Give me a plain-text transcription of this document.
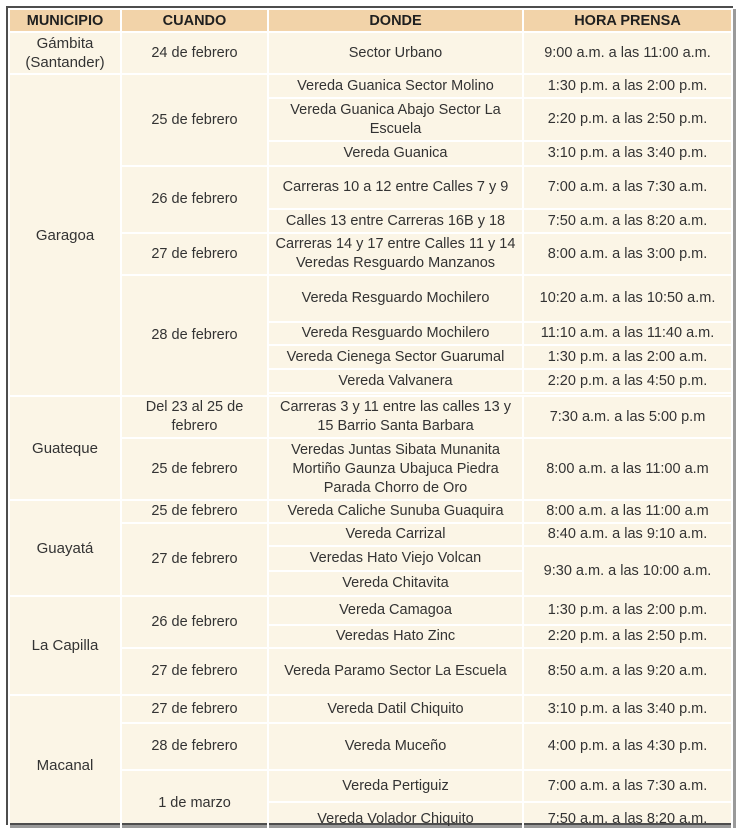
MUNICIPIO	CUANDO	DONDE	HORA PRENSA
Gámbita (Santander)	24 de febrero	Sector Urbano	9:00 a.m. a las 11:00 a.m.
Garagoa	25 de febrero	Vereda Guanica Sector Molino	1:30 p.m. a las 2:00 p.m.
		Vereda Guanica Abajo Sector La Escuela	2:20 p.m. a las 2:50 p.m.
		Vereda Guanica	3:10 p.m. a las 3:40 p.m.
	26 de febrero	Carreras 10 a 12 entre Calles 7 y 9	7:00 a.m. a las 7:30 a.m.
		Calles 13 entre Carreras 16B y 18	7:50 a.m. a las 8:20 a.m.
	27 de febrero	Carreras 14 y 17 entre Calles 11 y 14 Veredas Resguardo Manzanos	8:00 a.m. a las 3:00 p.m.
	28 de febrero	Vereda Resguardo Mochilero	10:20 a.m. a las 10:50 a.m.
		Vereda Resguardo Mochilero	11:10 a.m. a las 11:40 a.m.
		Vereda Cienega Sector Guarumal	1:30 p.m. a las 2:00 a.m.
		Vereda Valvanera	2:20 p.m. a las 4:50 p.m.

Guateque	Del 23 al 25 de febrero	Carreras 3 y 11 entre las calles 13 y 15 Barrio Santa Barbara	7:30 a.m. a las 5:00 p.m
	25 de febrero	Veredas Juntas Sibata Munanita Mortiño Gaunza Ubajuca Piedra Parada Chorro de Oro	8:00 a.m. a las 11:00 a.m
Guayatá	25 de febrero	Vereda Caliche Sunuba Guaquira	8:00 a.m. a las 11:00 a.m
	27 de febrero	Vereda Carrizal	8:40 a.m. a las 9:10 a.m.
		Veredas Hato Viejo Volcan	9:30 a.m. a las 10:00 a.m.
		Vereda Chitavita	
La Capilla	26 de febrero	Vereda Camagoa	1:30 p.m. a las 2:00 p.m.
		Veredas Hato Zinc	2:20 p.m. a las 2:50 p.m.
	27 de febrero	Vereda Paramo Sector La Escuela	8:50 a.m. a las 9:20 a.m.
Macanal	27 de febrero	Vereda Datil Chiquito	3:10 p.m. a las 3:40 p.m.
	28 de febrero	Vereda Muceño	4:00 p.m. a las 4:30 p.m.
	1 de marzo	Vereda Pertiguiz	7:00 a.m. a las 7:30 a.m.
		Vereda Volador Chiquito	7:50 a.m. a las 8:20 a.m.
